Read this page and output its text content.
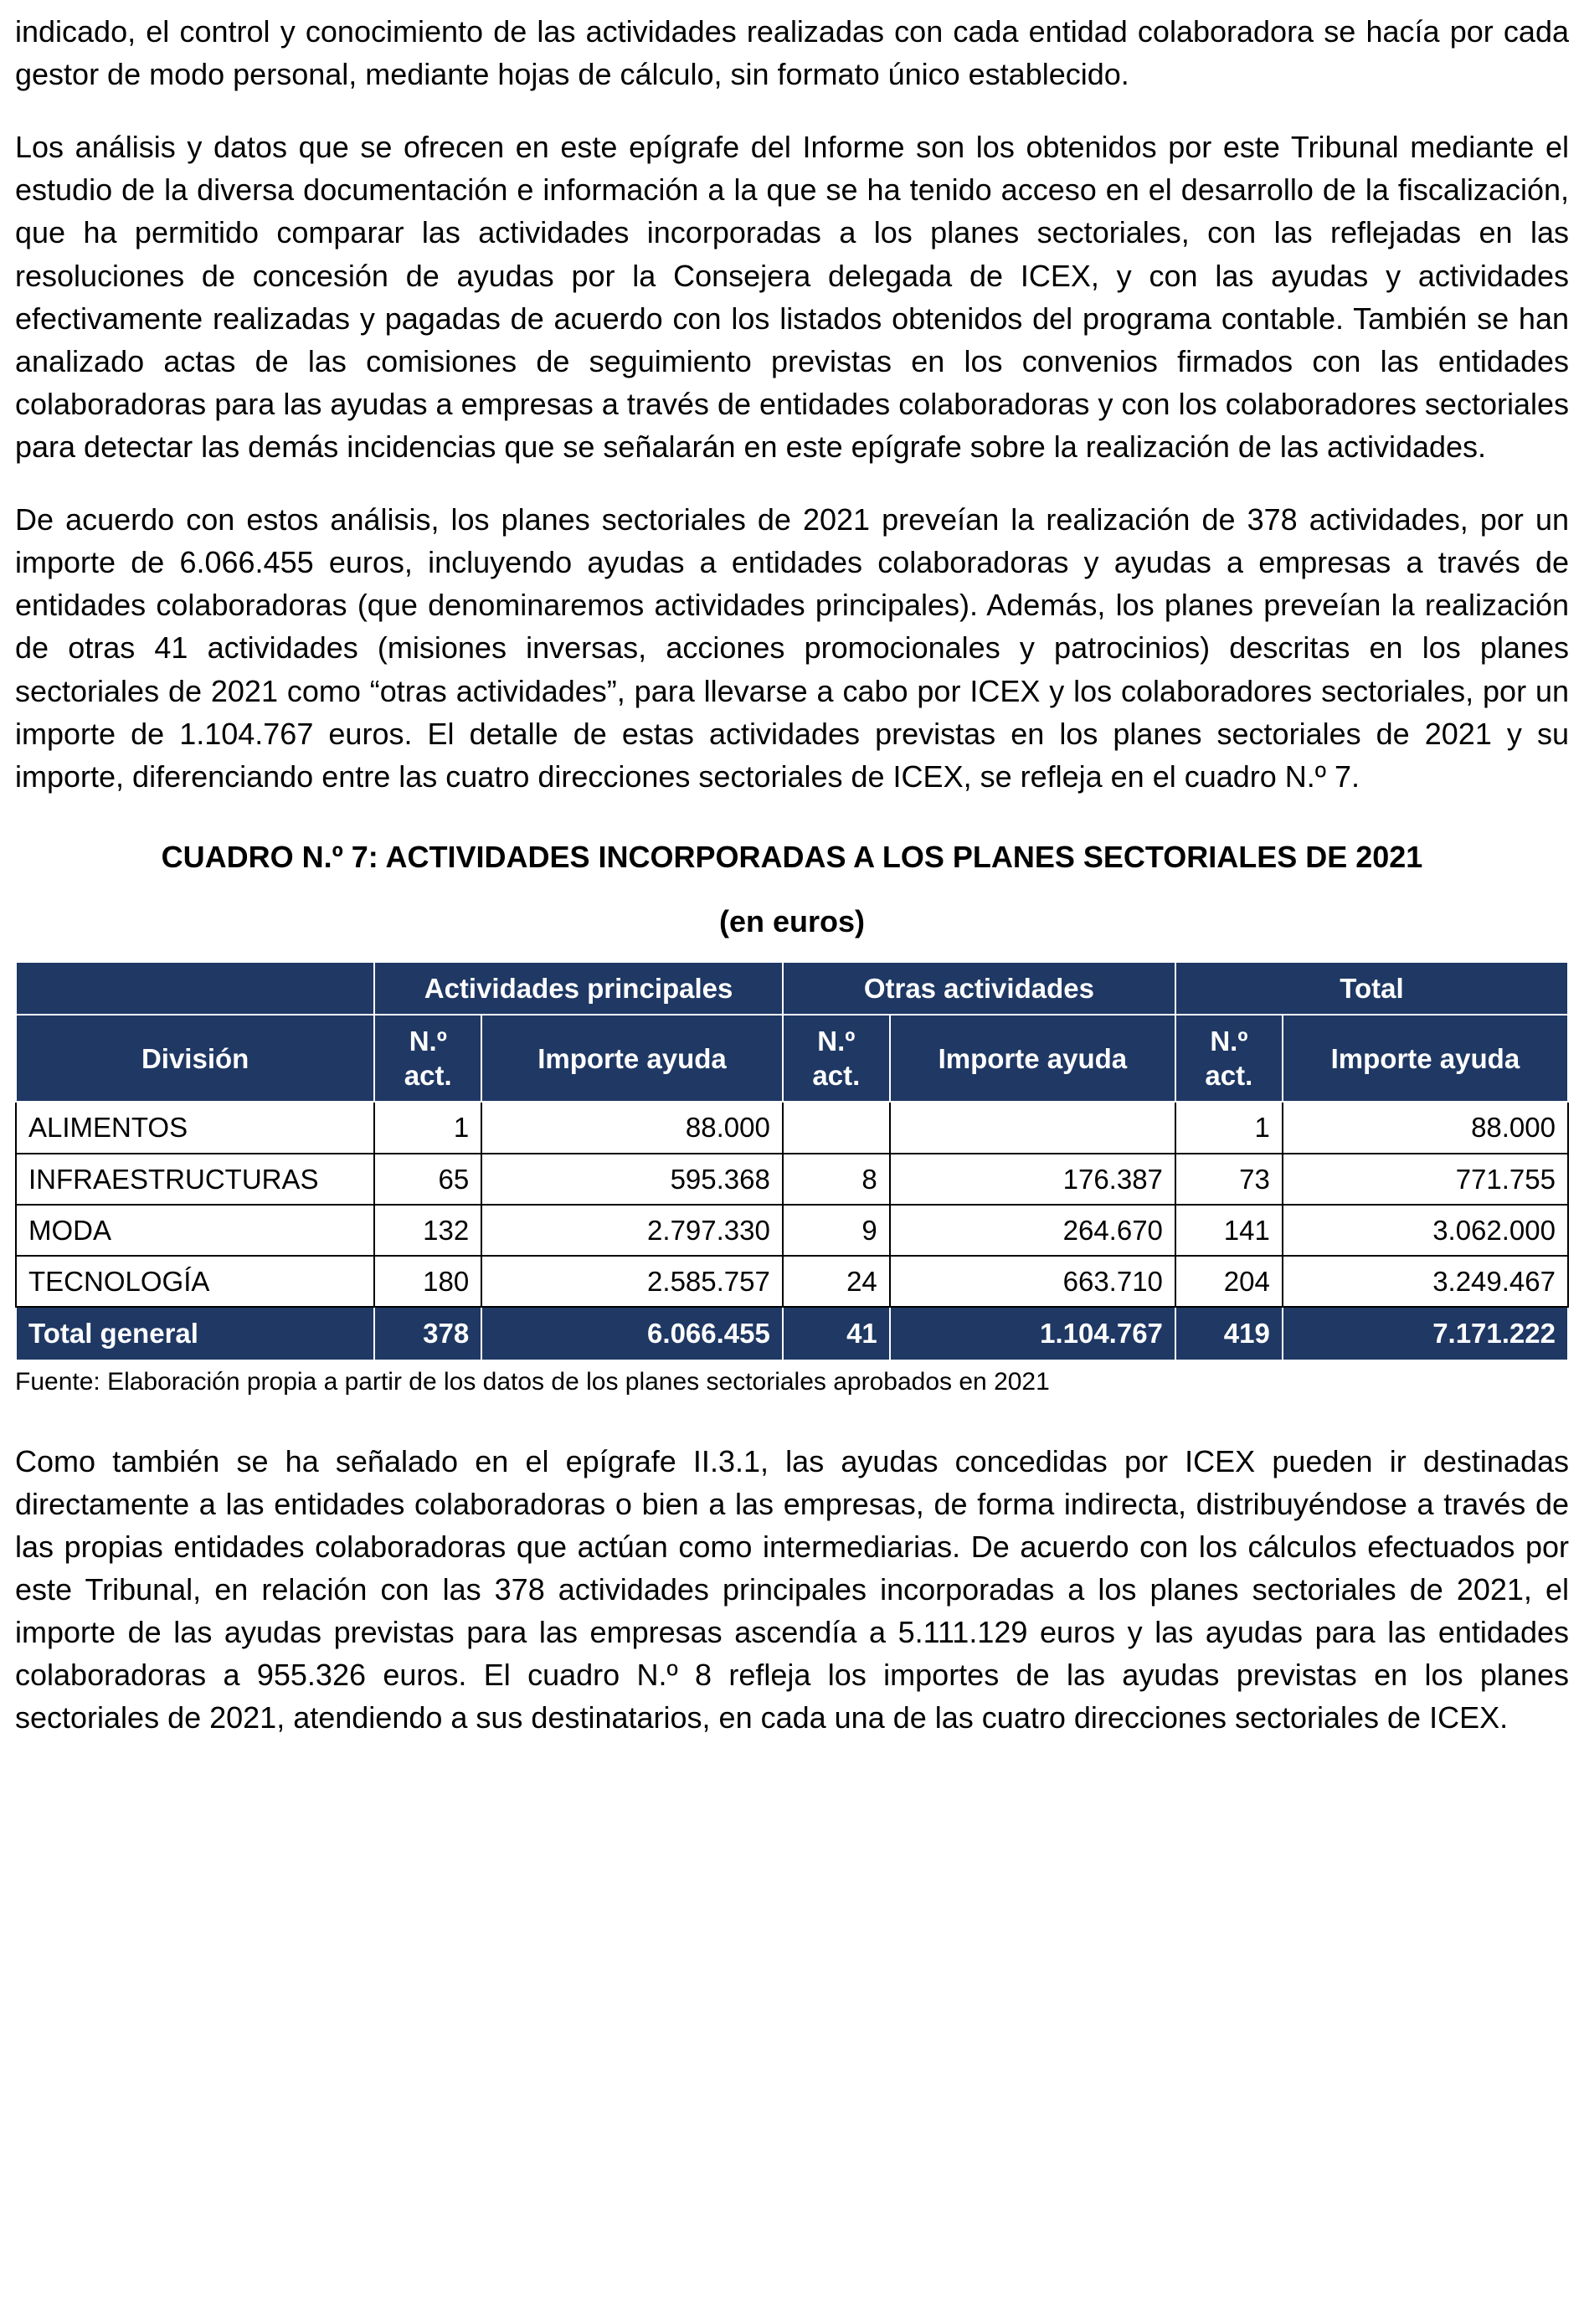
indicado, el control y conocimiento de las actividades realizadas con cada entidad colaboradora se hacía por cada gestor de modo personal, mediante hojas de cálculo, sin formato único establecido.

Los análisis y datos que se ofrecen en este epígrafe del Informe son los obtenidos por este Tribunal mediante el estudio de la diversa documentación e información a la que se ha tenido acceso en el desarrollo de la fiscalización, que ha permitido comparar las actividades incorporadas a los planes sectoriales, con las reflejadas en las resoluciones de concesión de ayudas por la Consejera delegada de ICEX, y con las ayudas y actividades efectivamente realizadas y pagadas de acuerdo con los listados obtenidos del programa contable. También se han analizado actas de las comisiones de seguimiento previstas en los convenios firmados con las entidades colaboradoras para las ayudas a empresas a través de entidades colaboradoras y con los colaboradores sectoriales para detectar las demás incidencias que se señalarán en este epígrafe sobre la realización de las actividades.

De acuerdo con estos análisis, los planes sectoriales de 2021 preveían la realización de 378 actividades, por un importe de 6.066.455 euros, incluyendo ayudas a entidades colaboradoras y ayudas a empresas a través de entidades colaboradoras (que denominaremos actividades principales). Además, los planes preveían la realización de otras 41 actividades (misiones inversas, acciones promocionales y patrocinios) descritas en los planes sectoriales de 2021 como “otras actividades”, para llevarse a cabo por ICEX y los colaboradores sectoriales, por un importe de 1.104.767 euros. El detalle de estas actividades previstas en los planes sectoriales de 2021 y su importe, diferenciando entre las cuatro direcciones sectoriales de ICEX, se refleja en el cuadro N.º 7.

CUADRO N.º 7: ACTIVIDADES INCORPORADAS A LOS PLANES SECTORIALES DE 2021
(en euros)
	Actividades principales		Otras actividades		Total	
División	N.º act.	Importe ayuda	N.º act.	Importe ayuda	N.º act.	Importe ayuda
ALIMENTOS	1	88.000			1	88.000
INFRAESTRUCTURAS	65	595.368	8	176.387	73	771.755
MODA	132	2.797.330	9	264.670	141	3.062.000
TECNOLOGÍA	180	2.585.757	24	663.710	204	3.249.467
Total general	378	6.066.455	41	1.104.767	419	7.171.222

Fuente: Elaboración propia a partir de los datos de los planes sectoriales aprobados en 2021

Como también se ha señalado en el epígrafe II.3.1, las ayudas concedidas por ICEX pueden ir destinadas directamente a las entidades colaboradoras o bien a las empresas, de forma indirecta, distribuyéndose a través de las propias entidades colaboradoras que actúan como intermediarias. De acuerdo con los cálculos efectuados por este Tribunal, en relación con las 378 actividades principales incorporadas a los planes sectoriales de 2021, el importe de las ayudas previstas para las empresas ascendía a 5.111.129 euros y las ayudas para las entidades colaboradoras a 955.326 euros. El cuadro N.º 8 refleja los importes de las ayudas previstas en los planes sectoriales de 2021, atendiendo a sus destinatarios, en cada una de las cuatro direcciones sectoriales de ICEX.
